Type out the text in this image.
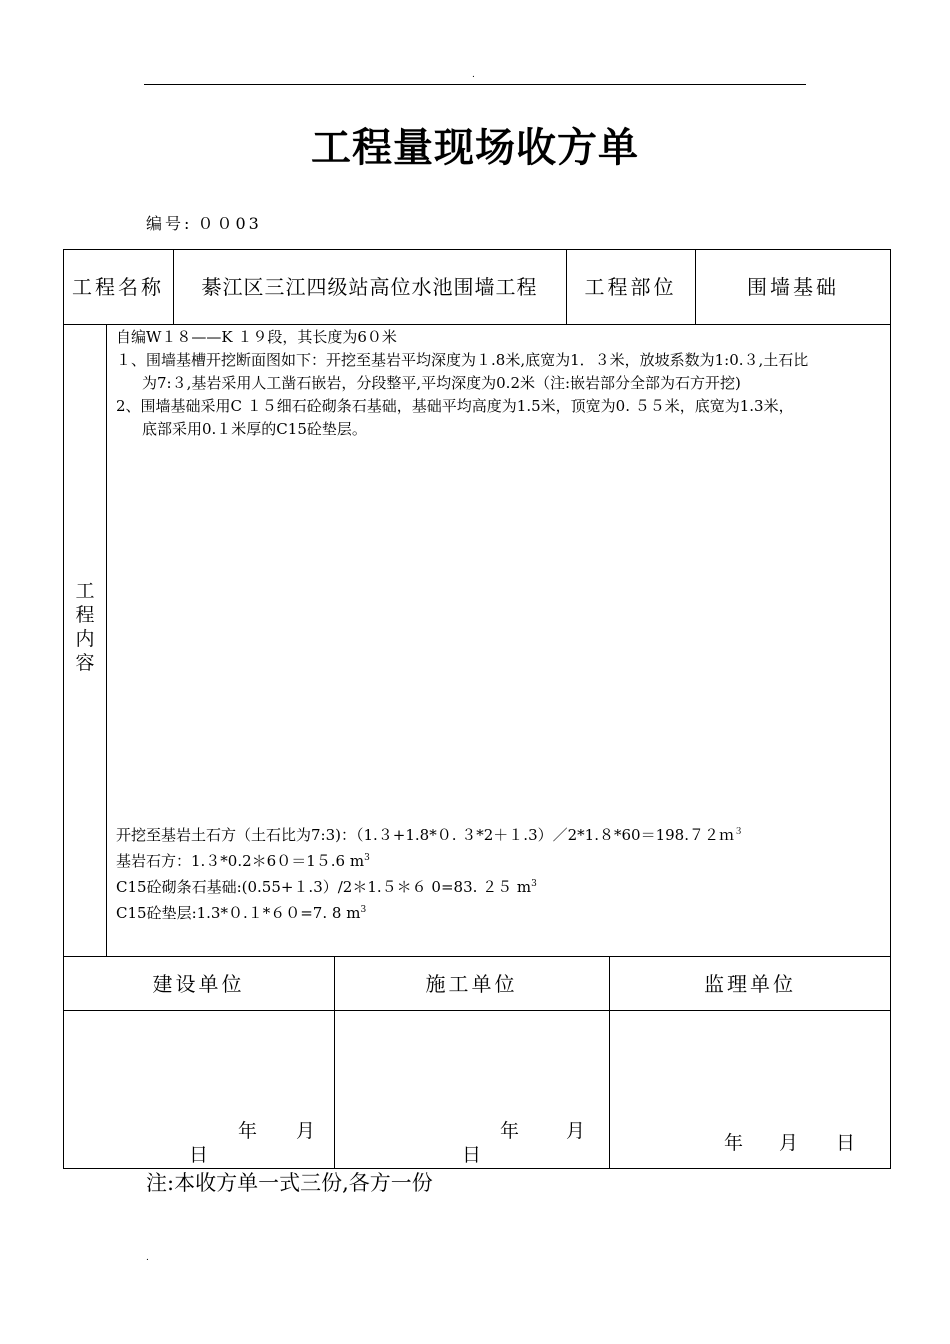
.
工程量现场收方单
编号: ００03
工程名称	綦江区三江四级站高位水池围墙工程	工程部位	围墙基础
工
程
内
容

自编W１８——K １９段，其长度为6０米

１、围墙基槽开挖断面图如下：开挖至基岩平均深度为１.8米,底宽为1．３米，放坡系数为1:0.３,土石比

为7:３,基岩采用人工凿石嵌岩，分段整平,平均深度为0.2米（注:嵌岩部分全部为石方开挖)

2、围墙基础采用C １５细石砼砌条石基础，基础平均高度为1.5米，顶宽为0. ５５米，底宽为1.3米，

底部采用0.１米厚的C15砼垫层。

开挖至基岩土石方（土石比为7:3)：（1.３+1.8*０. ３*2＋１.3）／2*1.８*60＝198.７２ｍ$^3$

基岩石方：1.３*0.2＊6０＝1５.6 $m^3$

C15砼砌条石基础:(0.55+１.3）/2＊1.５＊６ 0=83. ２５ $m^3$

C15砼垫层:1.3*０.１*６０=7. 8 $m^3$

建设单位	施工单位	监理单位
年 月
日
年 月
日
年 月 日
注:本收方单一式三份,各方一份
.
